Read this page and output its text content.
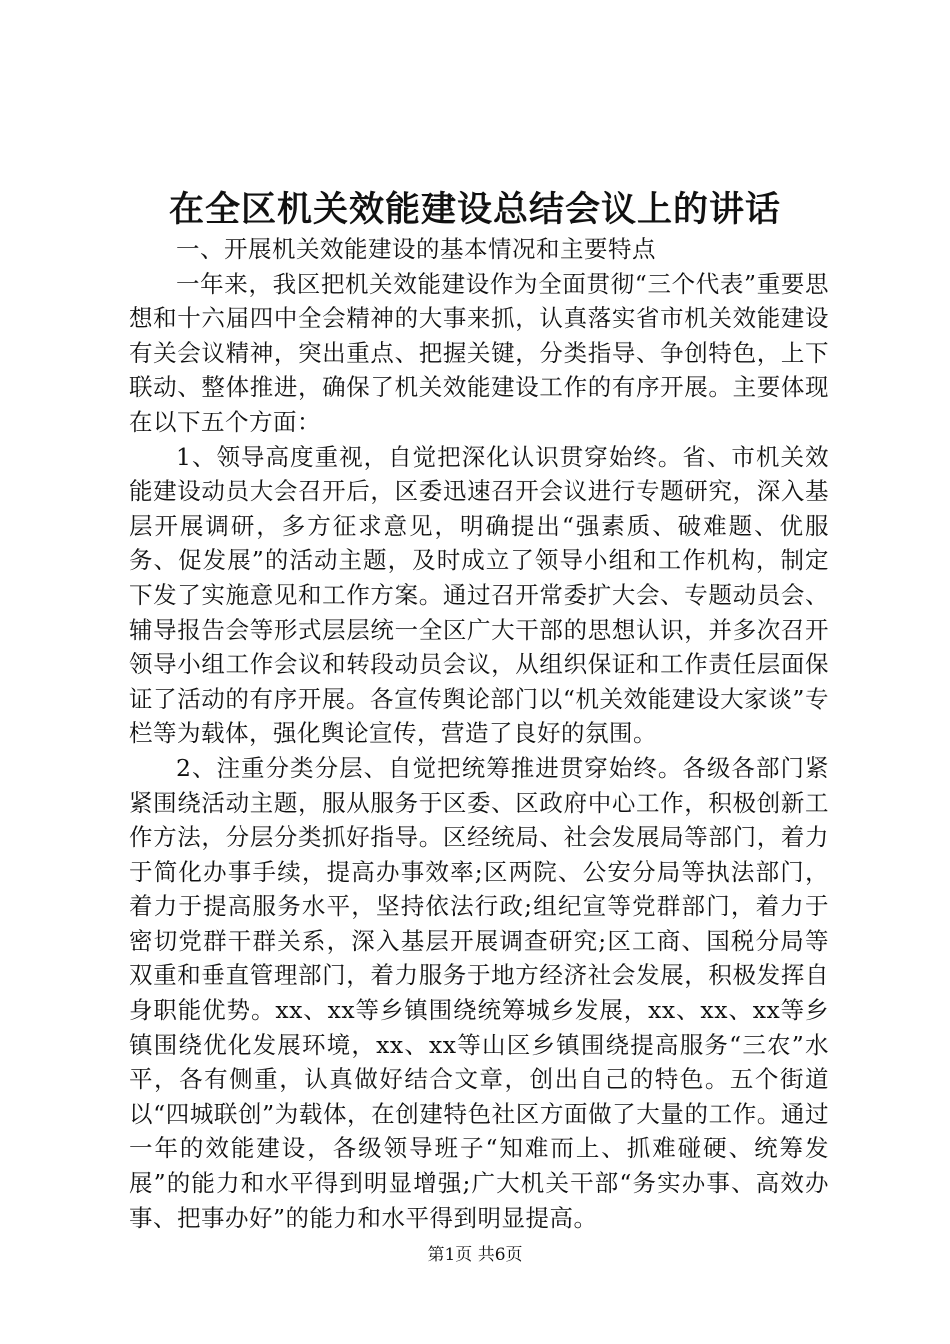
在全区机关效能建设总结会议上的讲话

一、开展机关效能建设的基本情况和主要特点

一年来，我区把机关效能建设作为全面贯彻“三个代表”重要思想和十六届四中全会精神的大事来抓，认真落实省市机关效能建设有关会议精神，突出重点、把握关键，分类指导、争创特色，上下联动、整体推进，确保了机关效能建设工作的有序开展。主要体现在以下五个方面：

1、领导高度重视，自觉把深化认识贯穿始终。省、市机关效能建设动员大会召开后，区委迅速召开会议进行专题研究，深入基层开展调研，多方征求意见，明确提出“强素质、破难题、优服务、促发展”的活动主题，及时成立了领导小组和工作机构，制定下发了实施意见和工作方案。通过召开常委扩大会、专题动员会、辅导报告会等形式层层统一全区广大干部的思想认识，并多次召开领导小组工作会议和转段动员会议，从组织保证和工作责任层面保证了活动的有序开展。各宣传舆论部门以“机关效能建设大家谈”专栏等为载体，强化舆论宣传，营造了良好的氛围。

2、注重分类分层、自觉把统筹推进贯穿始终。各级各部门紧紧围绕活动主题，服从服务于区委、区政府中心工作，积极创新工作方法，分层分类抓好指导。区经统局、社会发展局等部门，着力于简化办事手续，提高办事效率;区两院、公安分局等执法部门，着力于提高服务水平，坚持依法行政;组纪宣等党群部门，着力于密切党群干群关系，深入基层开展调查研究;区工商、国税分局等双重和垂直管理部门，着力服务于地方经济社会发展，积极发挥自身职能优势。xx、xx等乡镇围绕统筹城乡发展，xx、xx、xx等乡镇围绕优化发展环境，xx、xx等山区乡镇围绕提高服务“三农”水平，各有侧重，认真做好结合文章，创出自己的特色。五个街道以“四城联创”为载体，在创建特色社区方面做了大量的工作。通过一年的效能建设，各级领导班子“知难而上、抓难碰硬、统筹发展”的能力和水平得到明显增强;广大机关干部“务实办事、高效办事、把事办好”的能力和水平得到明显提高。

第1页 共6页
